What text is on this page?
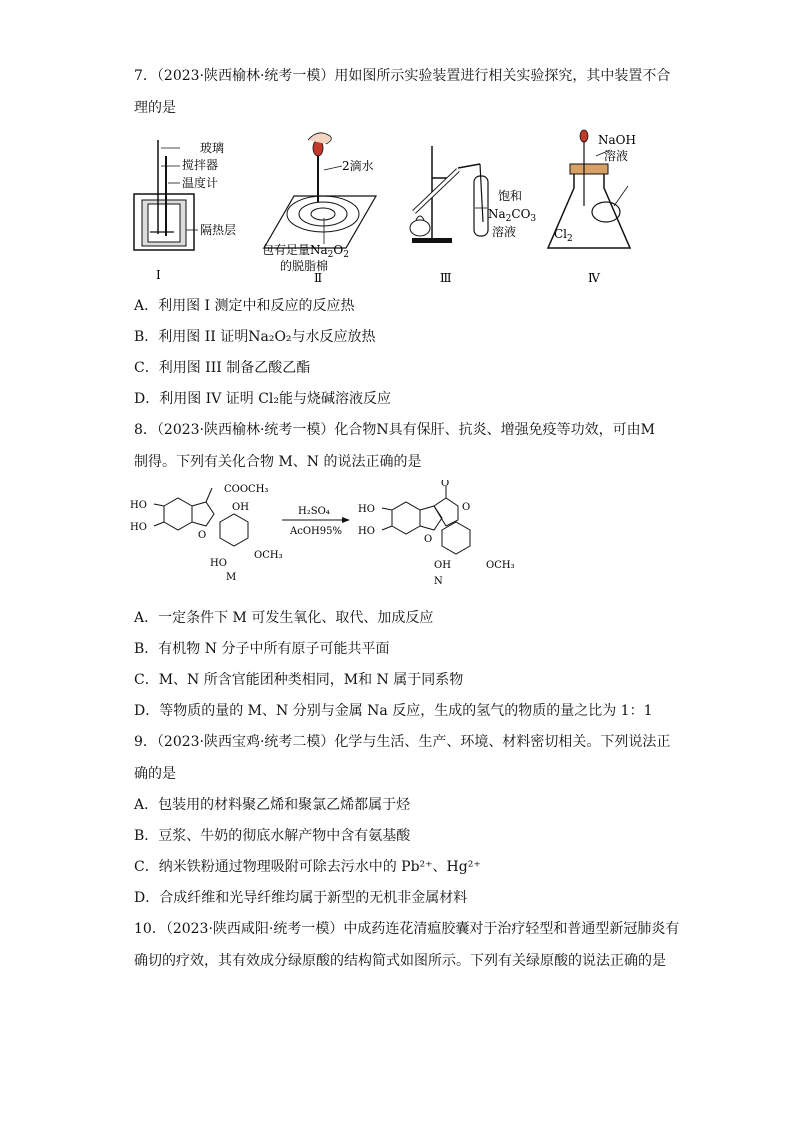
7．（2023·陕西榆林·统考一模）用如图所示实验装置进行相关实验探究，其中装置不合
理的是
玻璃
搅拌器
温度计
隔热层
Ⅰ
2滴水
包有足量$Na_2O_2$
的脱脂棉
Ⅱ
饱和
$Na_2CO_3$
溶液
Ⅲ
NaOH
溶液
$Cl_2$
Ⅳ
A．利用图 I 测定中和反应的反应热
B．利用图 II 证明Na₂O₂与水反应放热
C．利用图 III 制备乙酸乙酯
D．利用图 IV 证明 Cl₂能与烧碱溶液反应
8．（2023·陕西榆林·统考一模）化合物N具有保肝、抗炎、增强免疫等功效，可由M
制得。下列有关化合物 M、N 的说法正确的是
HO
HO
COOCH₃
OH
O
HO
OCH₃
M
H₂SO₄
AcOH95%
O
O
HO
HO
O
OH	OCH₃
N
A．一定条件下 M 可发生氧化、取代、加成反应
B．有机物 N 分子中所有原子可能共平面
C．M、N 所含官能团种类相同，M和 N 属于同系物
D．等物质的量的 M、N 分别与金属 Na 反应，生成的氢气的物质的量之比为 1：1
9．（2023·陕西宝鸡·统考二模）化学与生活、生产、环境、材料密切相关。下列说法正
确的是
A．包装用的材料聚乙烯和聚氯乙烯都属于烃
B．豆浆、牛奶的彻底水解产物中含有氨基酸
C．纳米铁粉通过物理吸附可除去污水中的 Pb²⁺、Hg²⁺
D．合成纤维和光导纤维均属于新型的无机非金属材料
10．（2023·陕西咸阳·统考一模）中成药连花清瘟胶囊对于治疗轻型和普通型新冠肺炎有
确切的疗效，其有效成分绿原酸的结构简式如图所示。下列有关绿原酸的说法正确的是
